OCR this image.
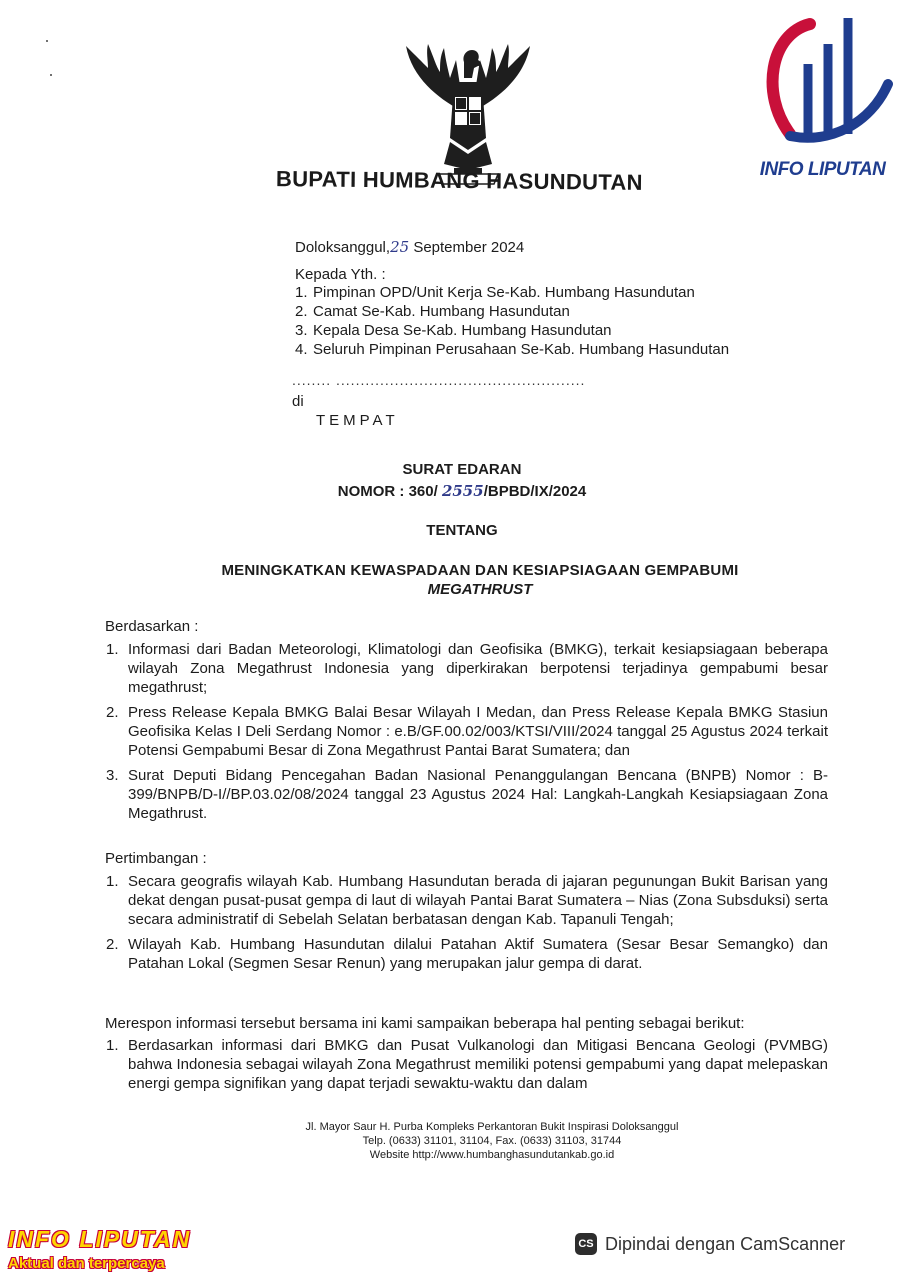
INFO LIPUTAN
BUPATI HUMBANG HASUNDUTAN
Doloksanggul,25 September 2024
Kepada Yth. :
1. Pimpinan OPD/Unit Kerja Se-Kab. Humbang Hasundutan
2. Camat Se-Kab. Humbang Hasundutan
3. Kepala Desa Se-Kab. Humbang Hasundutan
4. Seluruh Pimpinan Perusahaan Se-Kab. Humbang Hasundutan
........ ...................................................
di
TEMPAT
SURAT EDARAN
NOMOR : 360/ 2555/BPBD/IX/2024
TENTANG
MENINGKATKAN KEWASPADAAN DAN KESIAPSIAGAAN GEMPABUMI
MEGATHRUST
Berdasarkan :
1. Informasi dari Badan Meteorologi, Klimatologi dan Geofisika (BMKG), terkait kesiapsiagaan beberapa wilayah Zona Megathrust Indonesia yang diperkirakan berpotensi terjadinya gempabumi besar megathrust;
2. Press Release Kepala BMKG Balai Besar Wilayah I Medan, dan Press Release Kepala BMKG Stasiun Geofisika Kelas I Deli Serdang Nomor : e.B/GF.00.02/003/KTSI/VIII/2024 tanggal 25 Agustus 2024 terkait Potensi Gempabumi Besar di Zona Megathrust Pantai Barat Sumatera; dan
3. Surat Deputi Bidang Pencegahan Badan Nasional Penanggulangan Bencana (BNPB) Nomor : B-399/BNPB/D-I//BP.03.02/08/2024 tanggal 23 Agustus 2024 Hal: Langkah-Langkah Kesiapsiagaan Zona Megathrust.
Pertimbangan :
1. Secara geografis wilayah Kab. Humbang Hasundutan berada di jajaran pegunungan Bukit Barisan yang dekat dengan pusat-pusat gempa di laut di wilayah Pantai Barat Sumatera – Nias (Zona Subsduksi) serta secara administratif di Sebelah Selatan berbatasan dengan Kab. Tapanuli Tengah;
2. Wilayah Kab. Humbang Hasundutan dilalui Patahan Aktif Sumatera (Sesar Besar Semangko) dan Patahan Lokal (Segmen Sesar Renun) yang merupakan jalur gempa di darat.
Merespon informasi tersebut bersama ini kami sampaikan beberapa hal penting sebagai berikut:
1. Berdasarkan informasi dari BMKG dan Pusat Vulkanologi dan Mitigasi Bencana Geologi (PVMBG) bahwa Indonesia sebagai wilayah Zona Megathrust memiliki potensi gempabumi yang dapat melepaskan energi gempa signifikan yang dapat terjadi sewaktu-waktu dan dalam
Jl. Mayor Saur H. Purba Kompleks Perkantoran Bukit Inspirasi Doloksanggul
Telp. (0633) 31101, 31104, Fax. (0633) 31103, 31744
Website http://www.humbanghasundutankab.go.id
INFO LIPUTAN
Aktual dan terpercaya
CS Dipindai dengan CamScanner
